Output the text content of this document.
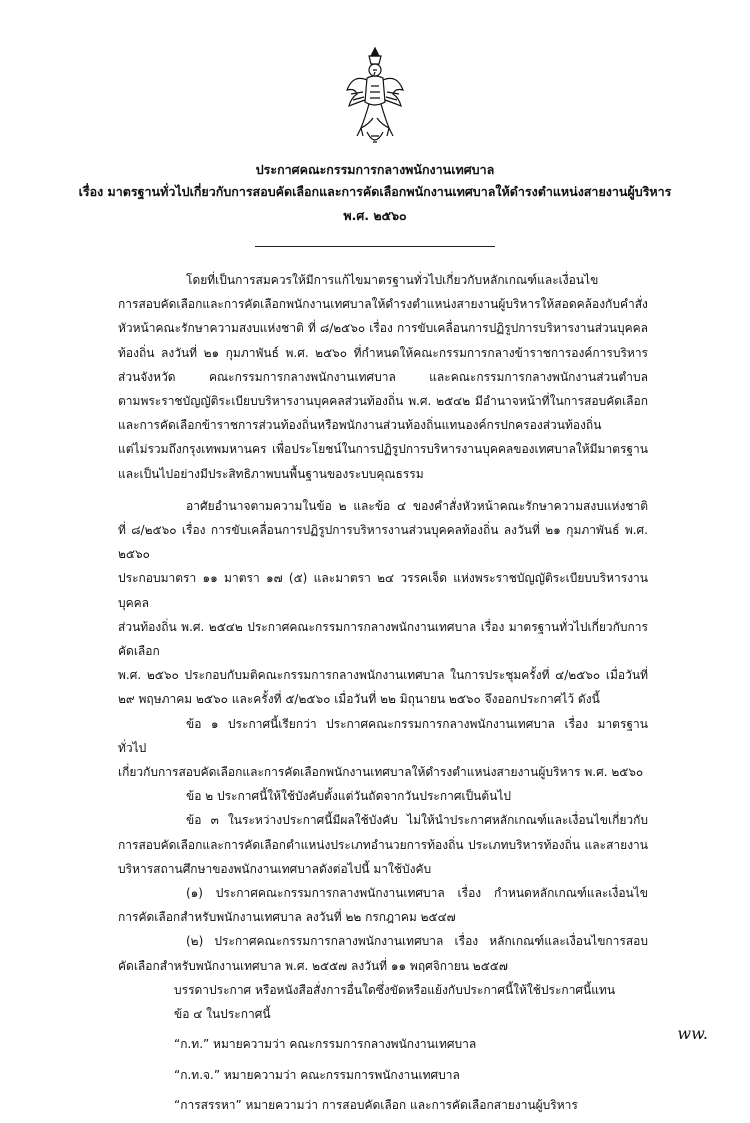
ประกาศคณะกรรมการกลางพนักงานเทศบาล
เรื่อง มาตรฐานทั่วไปเกี่ยวกับการสอบคัดเลือกและการคัดเลือกพนักงานเทศบาลให้ดำรงตำแหน่งสายงานผู้บริหาร
พ.ศ. ๒๕๖๐

โดยที่เป็นการสมควรให้มีการแก้ไขมาตรฐานทั่วไปเกี่ยวกับหลักเกณฑ์และเงื่อนไข

การสอบคัดเลือกและการคัดเลือกพนักงานเทศบาลให้ดำรงตำแหน่งสายงานผู้บริหารให้สอดคล้องกับคำสั่ง

หัวหน้าคณะรักษาความสงบแห่งชาติ ที่ ๘/๒๕๖๐ เรื่อง การขับเคลื่อนการปฏิรูปการบริหารงานส่วนบุคคล

ท้องถิ่น ลงวันที่ ๒๑ กุมภาพันธ์ พ.ศ. ๒๕๖๐ ที่กำหนดให้คณะกรรมการกลางข้าราชการองค์การบริหาร

ส่วนจังหวัด คณะกรรมการกลางพนักงานเทศบาล และคณะกรรมการกลางพนักงานส่วนตำบล

ตามพระราชบัญญัติระเบียบบริหารงานบุคคลส่วนท้องถิ่น พ.ศ. ๒๕๔๒ มีอำนาจหน้าที่ในการสอบคัดเลือก

และการคัดเลือกข้าราชการส่วนท้องถิ่นหรือพนักงานส่วนท้องถิ่นแทนองค์กรปกครองส่วนท้องถิ่น

แต่ไม่รวมถึงกรุงเทพมหานคร เพื่อประโยชน์ในการปฏิรูปการบริหารงานบุคคลของเทศบาลให้มีมาตรฐาน

และเป็นไปอย่างมีประสิทธิภาพบนพื้นฐานของระบบคุณธรรม

อาศัยอำนาจตามความในข้อ ๒ และข้อ ๔ ของคำสั่งหัวหน้าคณะรักษาความสงบแห่งชาติ

ที่ ๘/๒๕๖๐ เรื่อง การขับเคลื่อนการปฏิรูปการบริหารงานส่วนบุคคลท้องถิ่น ลงวันที่ ๒๑ กุมภาพันธ์ พ.ศ. ๒๕๖๐

ประกอบมาตรา ๑๑ มาตรา ๑๗ (๕) และมาตรา ๒๔ วรรคเจ็ด แห่งพระราชบัญญัติระเบียบบริหารงานบุคคล

ส่วนท้องถิ่น พ.ศ. ๒๕๔๒ ประกาศคณะกรรมการกลางพนักงานเทศบาล เรื่อง มาตรฐานทั่วไปเกี่ยวกับการคัดเลือก

พ.ศ. ๒๕๖๐ ประกอบกับมติคณะกรรมการกลางพนักงานเทศบาล ในการประชุมครั้งที่ ๔/๒๕๖๐ เมื่อวันที่

๒๙ พฤษภาคม ๒๕๖๐ และครั้งที่ ๕/๒๕๖๐ เมื่อวันที่ ๒๒ มิถุนายน ๒๕๖๐ จึงออกประกาศไว้ ดังนี้

ข้อ ๑ ประกาศนี้เรียกว่า ประกาศคณะกรรมการกลางพนักงานเทศบาล เรื่อง มาตรฐานทั่วไป

เกี่ยวกับการสอบคัดเลือกและการคัดเลือกพนักงานเทศบาลให้ดำรงตำแหน่งสายงานผู้บริหาร พ.ศ. ๒๕๖๐

ข้อ ๒ ประกาศนี้ให้ใช้บังคับตั้งแต่วันถัดจากวันประกาศเป็นต้นไป

ข้อ ๓ ในระหว่างประกาศนี้มีผลใช้บังคับ ไม่ให้นำประกาศหลักเกณฑ์และเงื่อนไขเกี่ยวกับ

การสอบคัดเลือกและการคัดเลือกตำแหน่งประเภทอำนวยการท้องถิ่น ประเภทบริหารท้องถิ่น และสายงาน

บริหารสถานศึกษาของพนักงานเทศบาลดังต่อไปนี้ มาใช้บังคับ

(๑) ประกาศคณะกรรมการกลางพนักงานเทศบาล เรื่อง กำหนดหลักเกณฑ์และเงื่อนไข

การคัดเลือกสำหรับพนักงานเทศบาล ลงวันที่ ๒๒ กรกฎาคม ๒๕๔๗

(๒) ประกาศคณะกรรมการกลางพนักงานเทศบาล เรื่อง หลักเกณฑ์และเงื่อนไขการสอบ

คัดเลือกสำหรับพนักงานเทศบาล พ.ศ. ๒๕๕๗ ลงวันที่ ๑๑ พฤศจิกายน ๒๕๕๗

บรรดาประกาศ หรือหนังสือสั่งการอื่นใดซึ่งขัดหรือแย้งกับประกาศนี้ให้ใช้ประกาศนี้แทน

ข้อ ๔ ในประกาศนี้

“ก.ท.” หมายความว่า คณะกรรมการกลางพนักงานเทศบาล

“ก.ท.จ.” หมายความว่า คณะกรรมการพนักงานเทศบาล

“การสรรหา” หมายความว่า การสอบคัดเลือก และการคัดเลือกสายงานผู้บริหาร

ww.
